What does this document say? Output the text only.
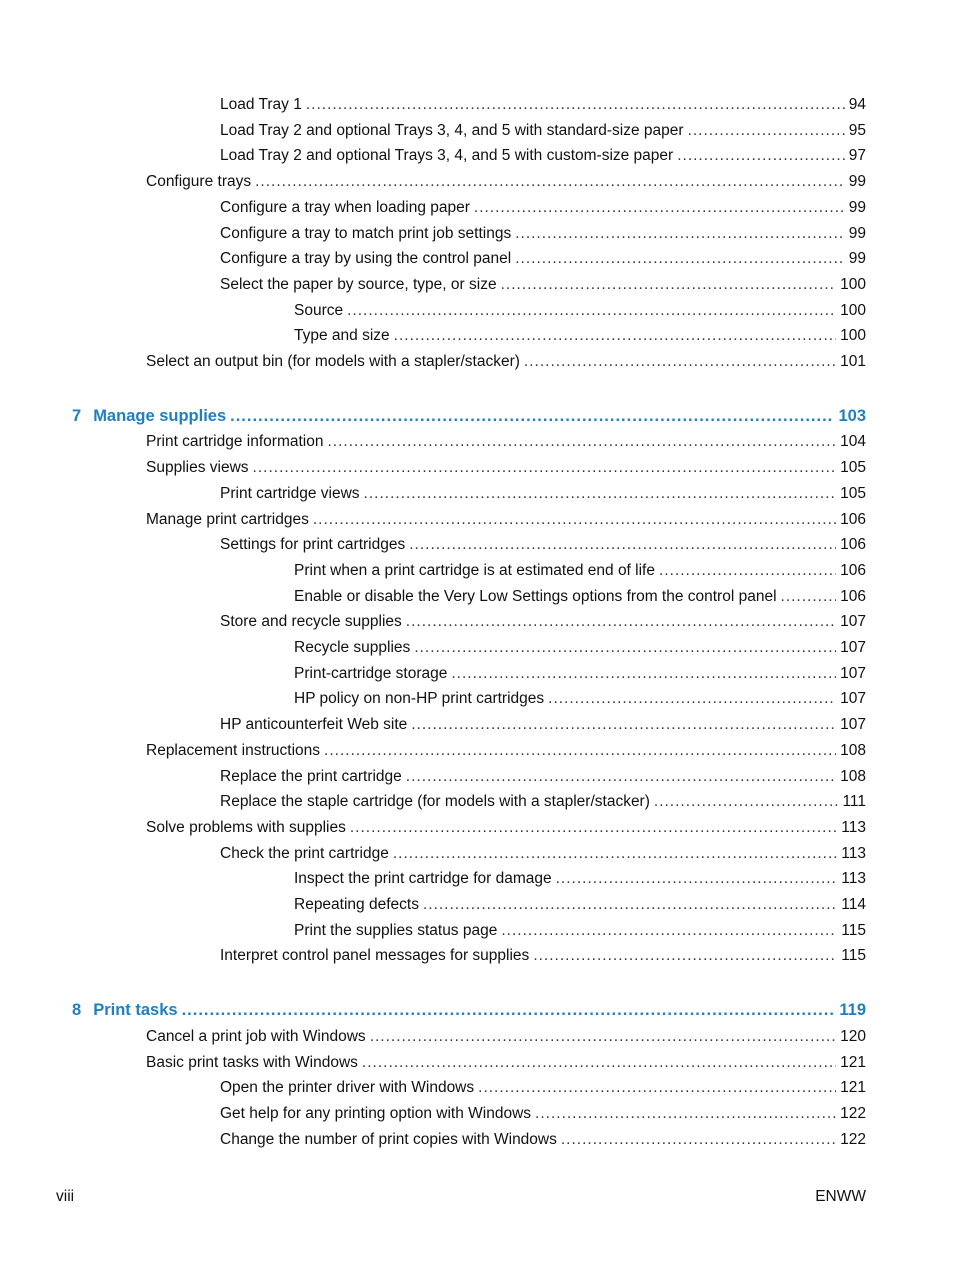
Load Tray 1 .....	94
Load Tray 2 and optional Trays 3, 4, and 5 with standard-size paper .....	95
Load Tray 2 and optional Trays 3, 4, and 5 with custom-size paper .....	97
Configure trays .....	99
Configure a tray when loading paper .....	99
Configure a tray to match print job settings .....	99
Configure a tray by using the control panel .....	99
Select the paper by source, type, or size .....	100
Source .....	100
Type and size .....	100
Select an output bin (for models with a stapler/stacker) .....	101
7 Manage supplies .....	103
Print cartridge information .....	104
Supplies views .....	105
Print cartridge views .....	105
Manage print cartridges .....	106
Settings for print cartridges .....	106
Print when a print cartridge is at estimated end of life .....	106
Enable or disable the Very Low Settings options from the control panel .....	106
Store and recycle supplies .....	107
Recycle supplies .....	107
Print-cartridge storage .....	107
HP policy on non-HP print cartridges .....	107
HP anticounterfeit Web site .....	107
Replacement instructions .....	108
Replace the print cartridge .....	108
Replace the staple cartridge (for models with a stapler/stacker) .....	111
Solve problems with supplies .....	113
Check the print cartridge .....	113
Inspect the print cartridge for damage .....	113
Repeating defects .....	114
Print the supplies status page .....	115
Interpret control panel messages for supplies .....	115
8 Print tasks .....	119
Cancel a print job with Windows .....	120
Basic print tasks with Windows .....	121
Open the printer driver with Windows .....	121
Get help for any printing option with Windows .....	122
Change the number of print copies with Windows .....	122
viii	ENWW
